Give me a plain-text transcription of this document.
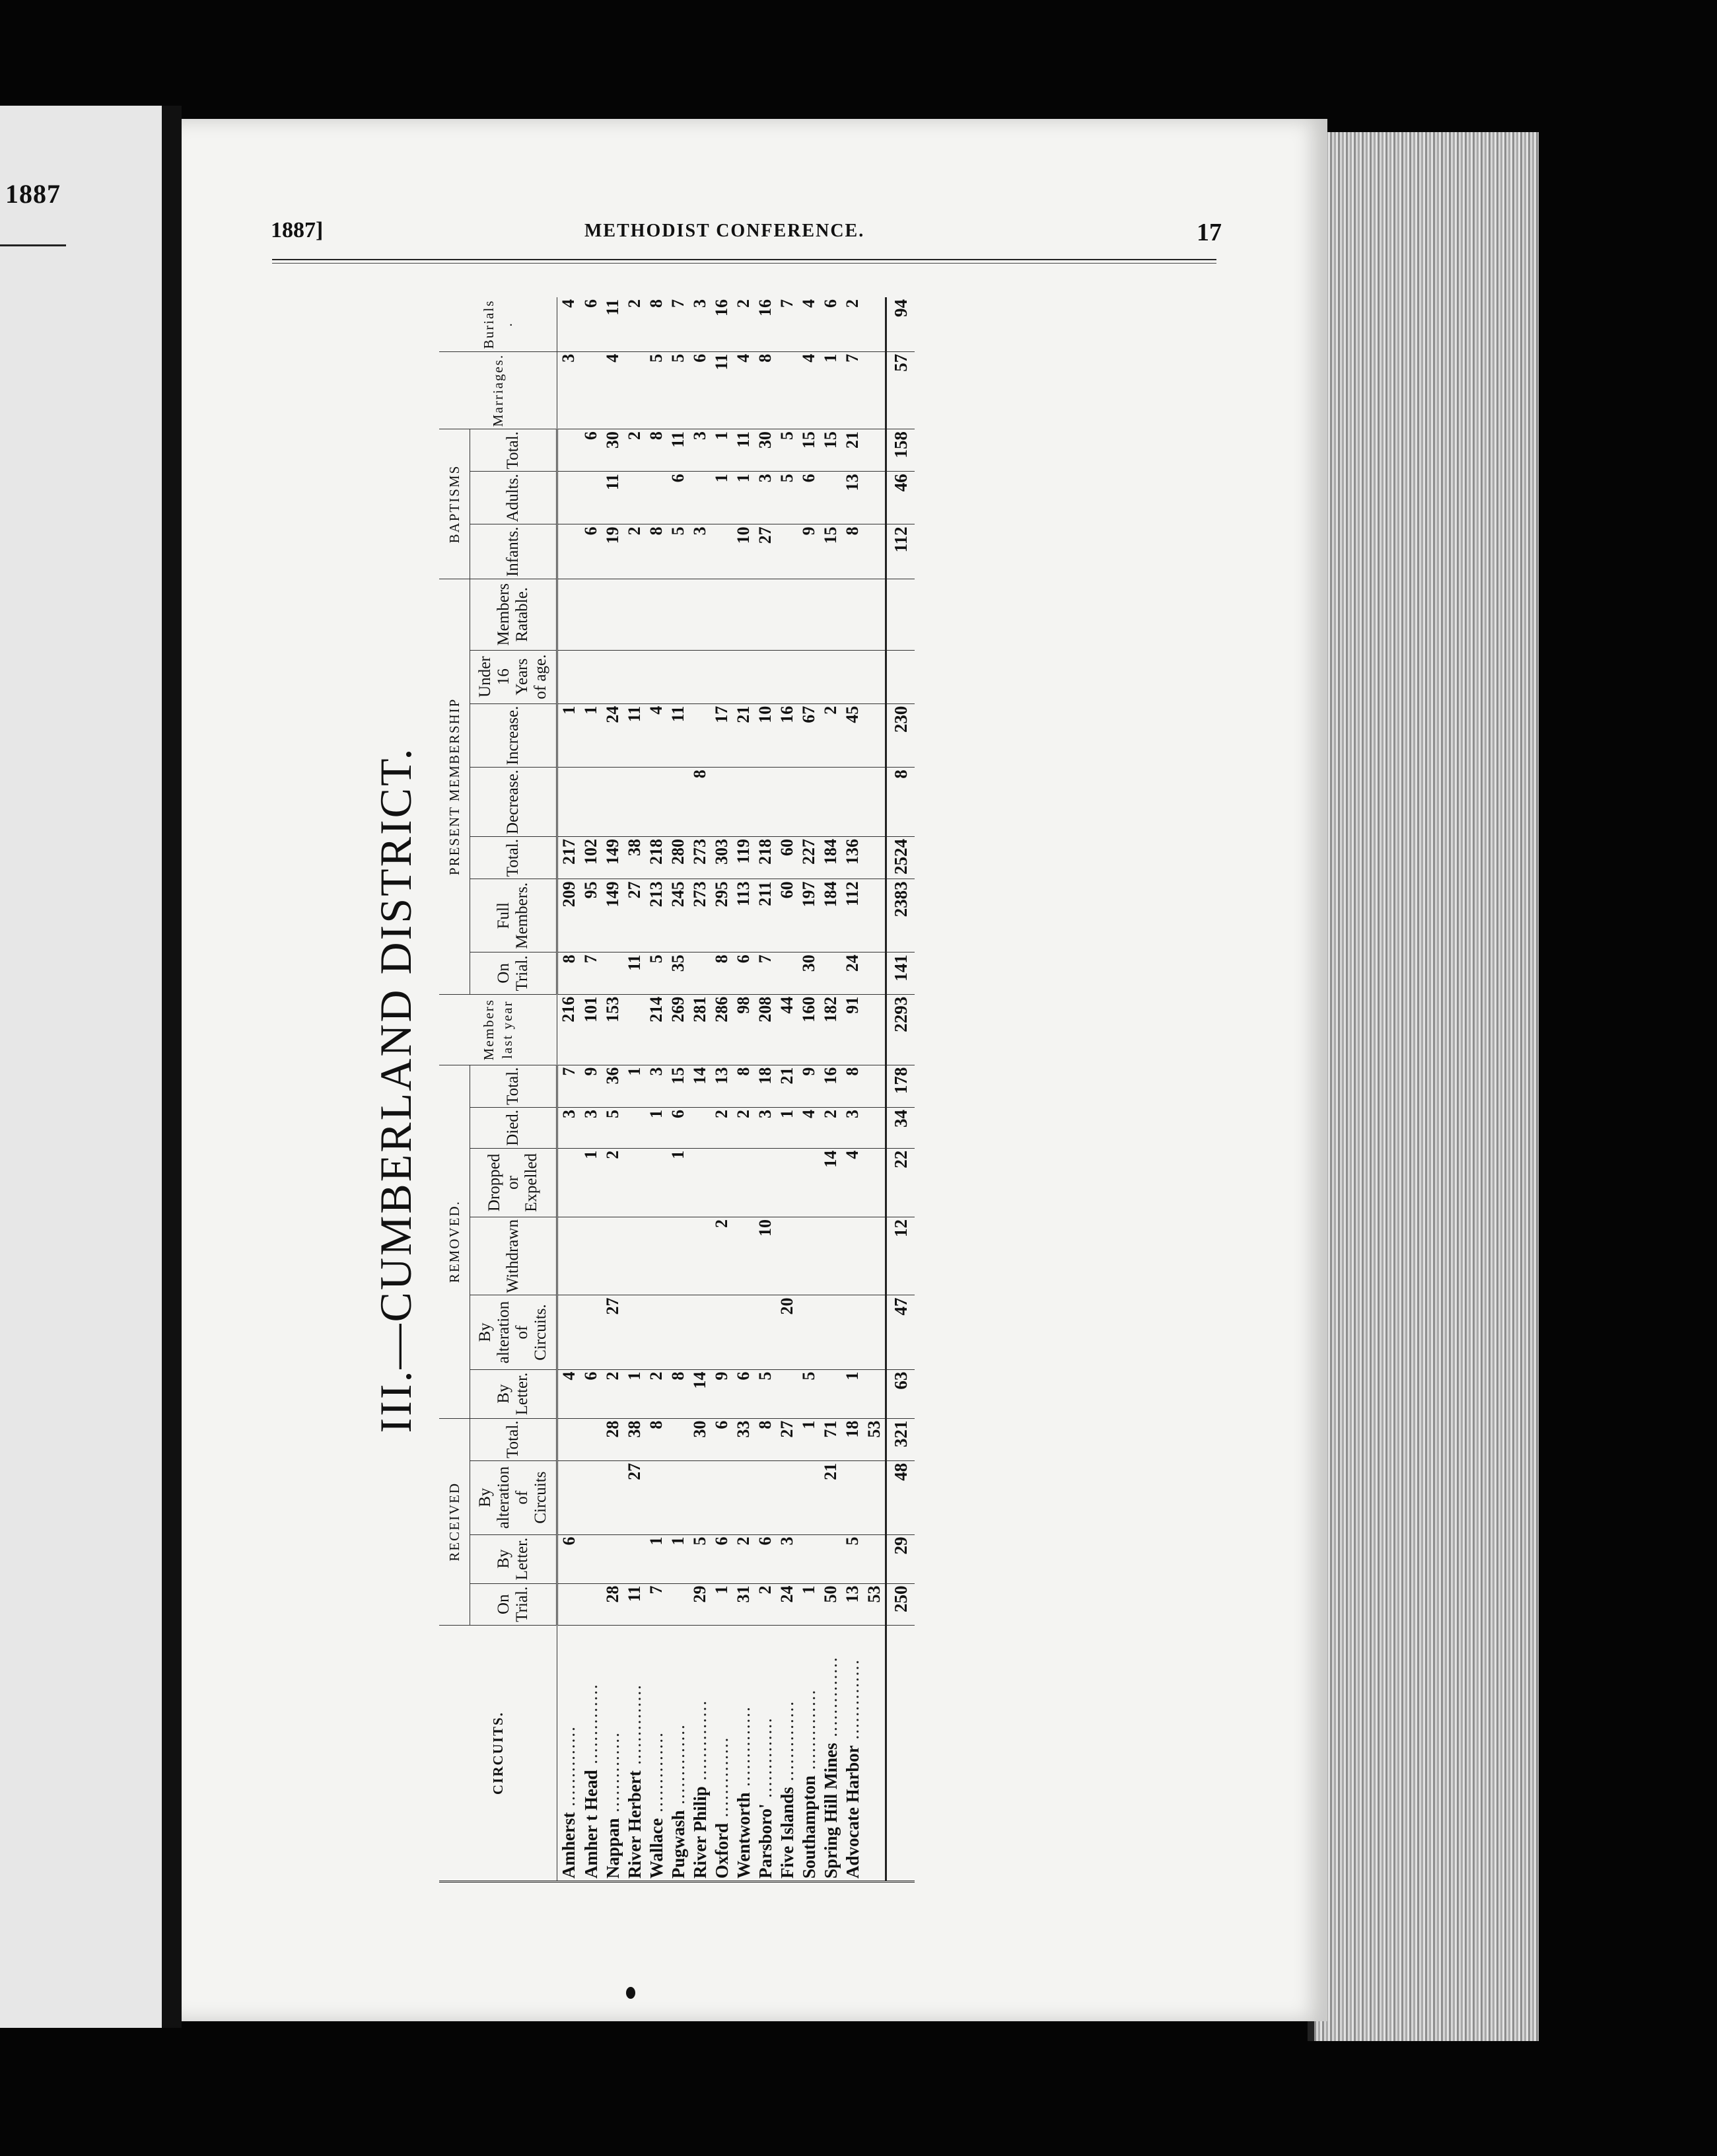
1887
1887]	METHODIST CONFERENCE.	17
III.—CUMBERLAND DISTRICT.
CIRCUITS.	RECEIVED				REMOVED.						Members last year	PRESENT MEMBERSHIP							BAPTISMS			Marriages.	Burials .
	On Trial.	By Letter.	By alteration of Circuits	Total.	By Letter.	By alteration of Circuits.	Withdrawn	Dropped or Expelled	Died.	Total.		On Trial.	Full Members.	Total.	Decrease.	Increase.	Under 16 Years of age.	Members Ratable.	Infants.	Adults.	Total.		
Amherst ..............		6			4				3	7	216	8	209	217		1						3	4
Amher t Head ..............					6			1	3	9	101	7	95	102		1			6		6		6
Nappan ..............	28			28	2	27		2	5	36	153		149	149		24			19	11	30	4	11
River Herbert ..............	11		27	38	1					1		11	27	38		11			2		2		2
Wallace ..............	7	1		8	2				1	3	214	5	213	218		4			8		8	5	8
Pugwash ..............		1			8			1	6	15	269	35	245	280		11			5	6	11	5	7
River Philip ..............	29	5		30	14					14	281		273	273	8				3		3	6	3
Oxford ..............	1	6		6	9		2		2	13	286	8	295	303		17				1	1	11	16
Wentworth ..............	31	2		33	6				2	8	98	6	113	119		21			10	1	11	4	2
Parsboro' ..............	2	6		8	5		10		3	18	208	7	211	218		10			27	3	30	8	16
Five Islands ..............	24	3		27		20			1	21	44		60	60		16				5	5		7
Southampton ..............	1			1	5				4	9	160	30	197	227		67			9	6	15	4	4
Spring Hill Mines ..............	50		21	71				14	2	16	182		184	184		2			15		15	1	6
Advocate Harbor ..............	13	5		18	1			4	3	8	91	24	112	136		45			8	13	21	7	2
	53			53																			
	250	29	48	321	63	47	12	22	34	178	2293	141	2383	2524	8	230			112	46	158	57	94
